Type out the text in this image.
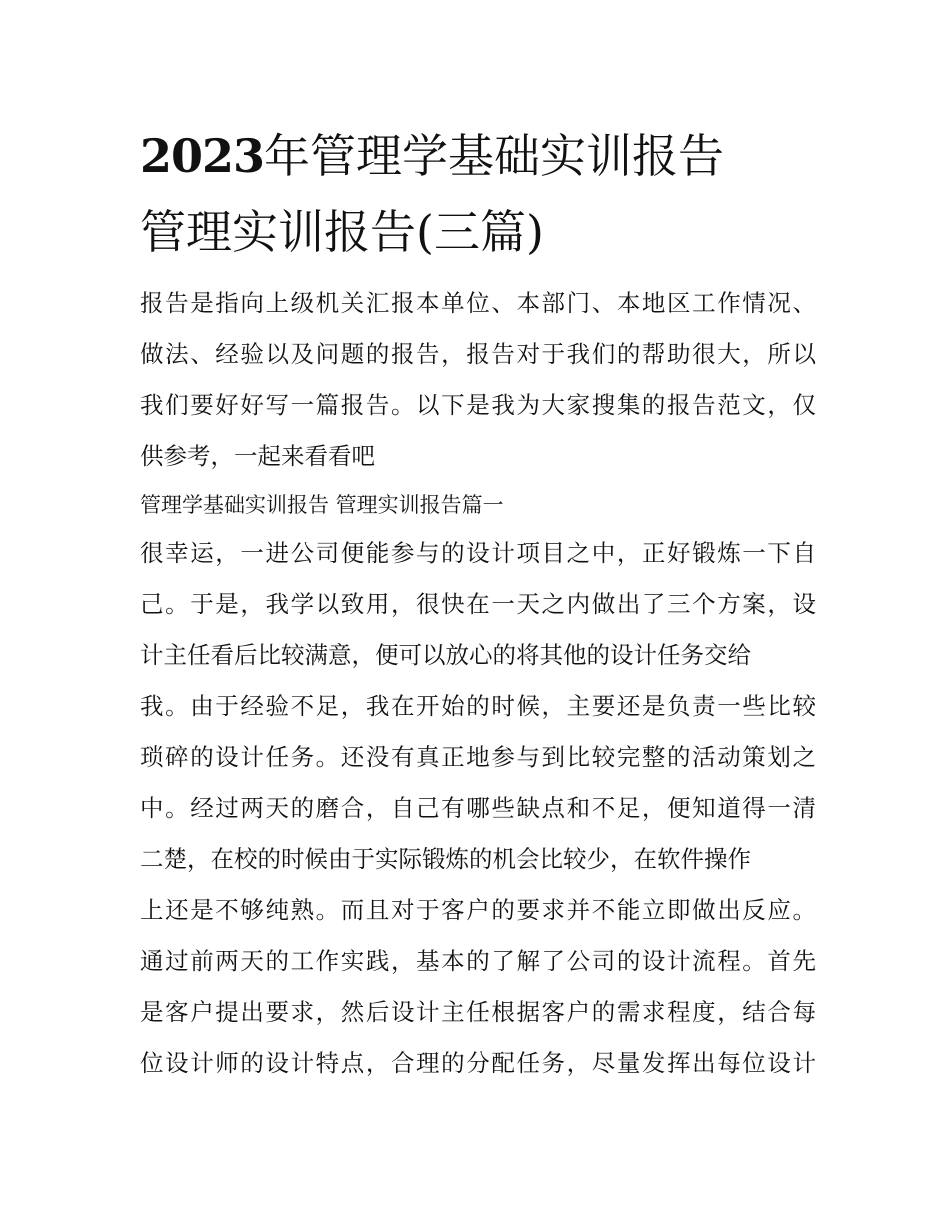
2023年管理学基础实训报告
管理实训报告(三篇)
报告是指向上级机关汇报本单位、本部门、本地区工作情况、
做法、经验以及问题的报告，报告对于我们的帮助很大，所以
我们要好好写一篇报告。以下是我为大家搜集的报告范文，仅
供参考，一起来看看吧
管理学基础实训报告 管理实训报告篇一
很幸运，一进公司便能参与的设计项目之中，正好锻炼一下自
己。于是，我学以致用，很快在一天之内做出了三个方案，设
计主任看后比较满意，便可以放心的将其他的设计任务交给
我。由于经验不足，我在开始的时候，主要还是负责一些比较
琐碎的设计任务。还没有真正地参与到比较完整的活动策划之
中。经过两天的磨合，自己有哪些缺点和不足，便知道得一清
二楚，在校的时候由于实际锻炼的机会比较少，在软件操作
上还是不够纯熟。而且对于客户的要求并不能立即做出反应。
通过前两天的工作实践，基本的了解了公司的设计流程。首先
是客户提出要求，然后设计主任根据客户的需求程度，结合每
位设计师的设计特点，合理的分配任务，尽量发挥出每位设计
